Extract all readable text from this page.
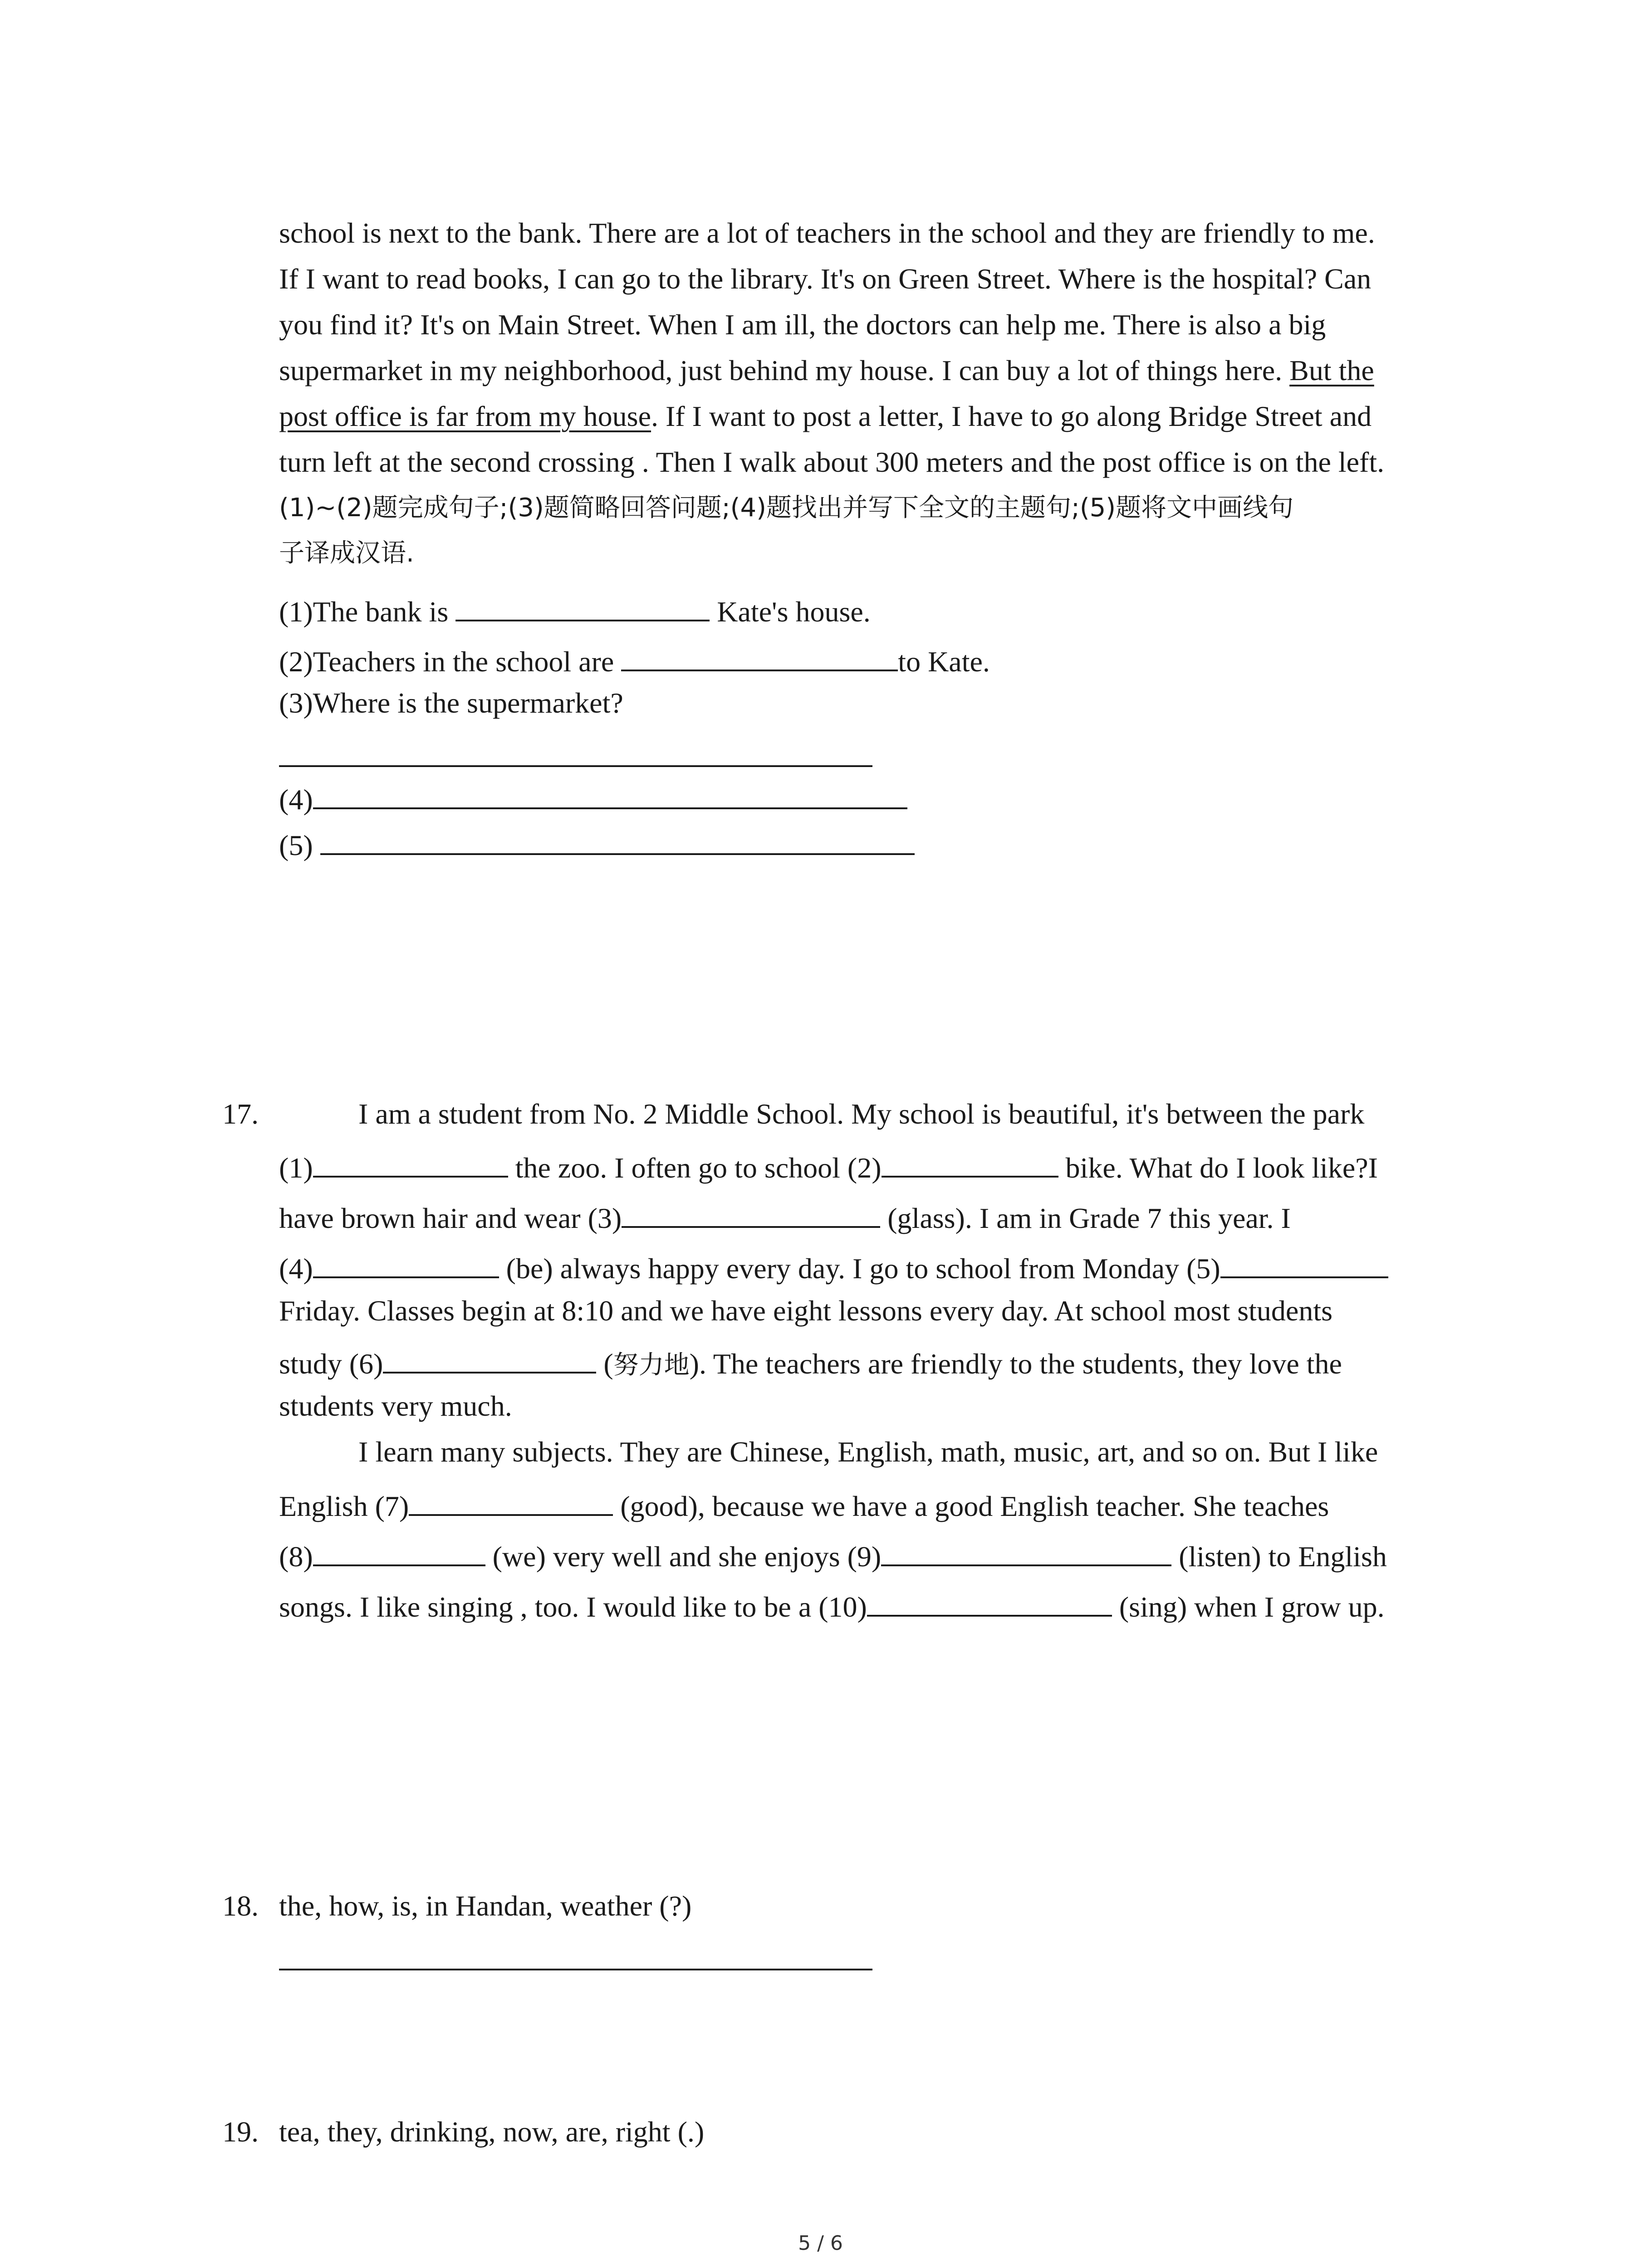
school is next to the bank. There are a lot of teachers in the school and they are friendly to me.
If I want to read books, I can go to the library. It's on Green Street. Where is the hospital? Can
you find it? It's on Main Street. When I am ill, the doctors can help me. There is also a big
supermarket in my neighborhood, just behind my house. I can buy a lot of things here. But the
post office is far from my house. If I want to post a letter, I have to go along Bridge Street and
turn left at the second crossing . Then I walk about 300 meters and the post office is on the left.
(1)~(2)题完成句子;(3)题简略回答问题;(4)题找出并写下全文的主题句;(5)题将文中画线句
子译成汉语.
(1)The bank is	Kate's house.
(2)Teachers in the school are	to Kate.
(3)Where is the supermarket?
(4)
(5)
17.	I am a student from No. 2 Middle School. My school is beautiful, it's between the park
(1)	the zoo. I often go to school (2)	bike. What do I look like?I
have brown hair and wear (3)	(glass). I am in Grade 7 this year. I
(4)	(be) always happy every day. I go to school from Monday (5)
Friday. Classes begin at 8:10 and we have eight lessons every day. At school most students
study (6)	(努力地). The teachers are friendly to the students, they love the
students very much.
I learn many subjects. They are Chinese, English, math, music, art, and so on. But I like
English (7)	(good), because we have a good English teacher. She teaches
(8)	(we) very well and she enjoys (9)	(listen) to English
songs. I like singing , too. I would like to be a (10)	(sing) when I grow up.
18. the, how, is, in Handan, weather (?)
19. tea, they, drinking, now, are, right (.)
5 / 6
